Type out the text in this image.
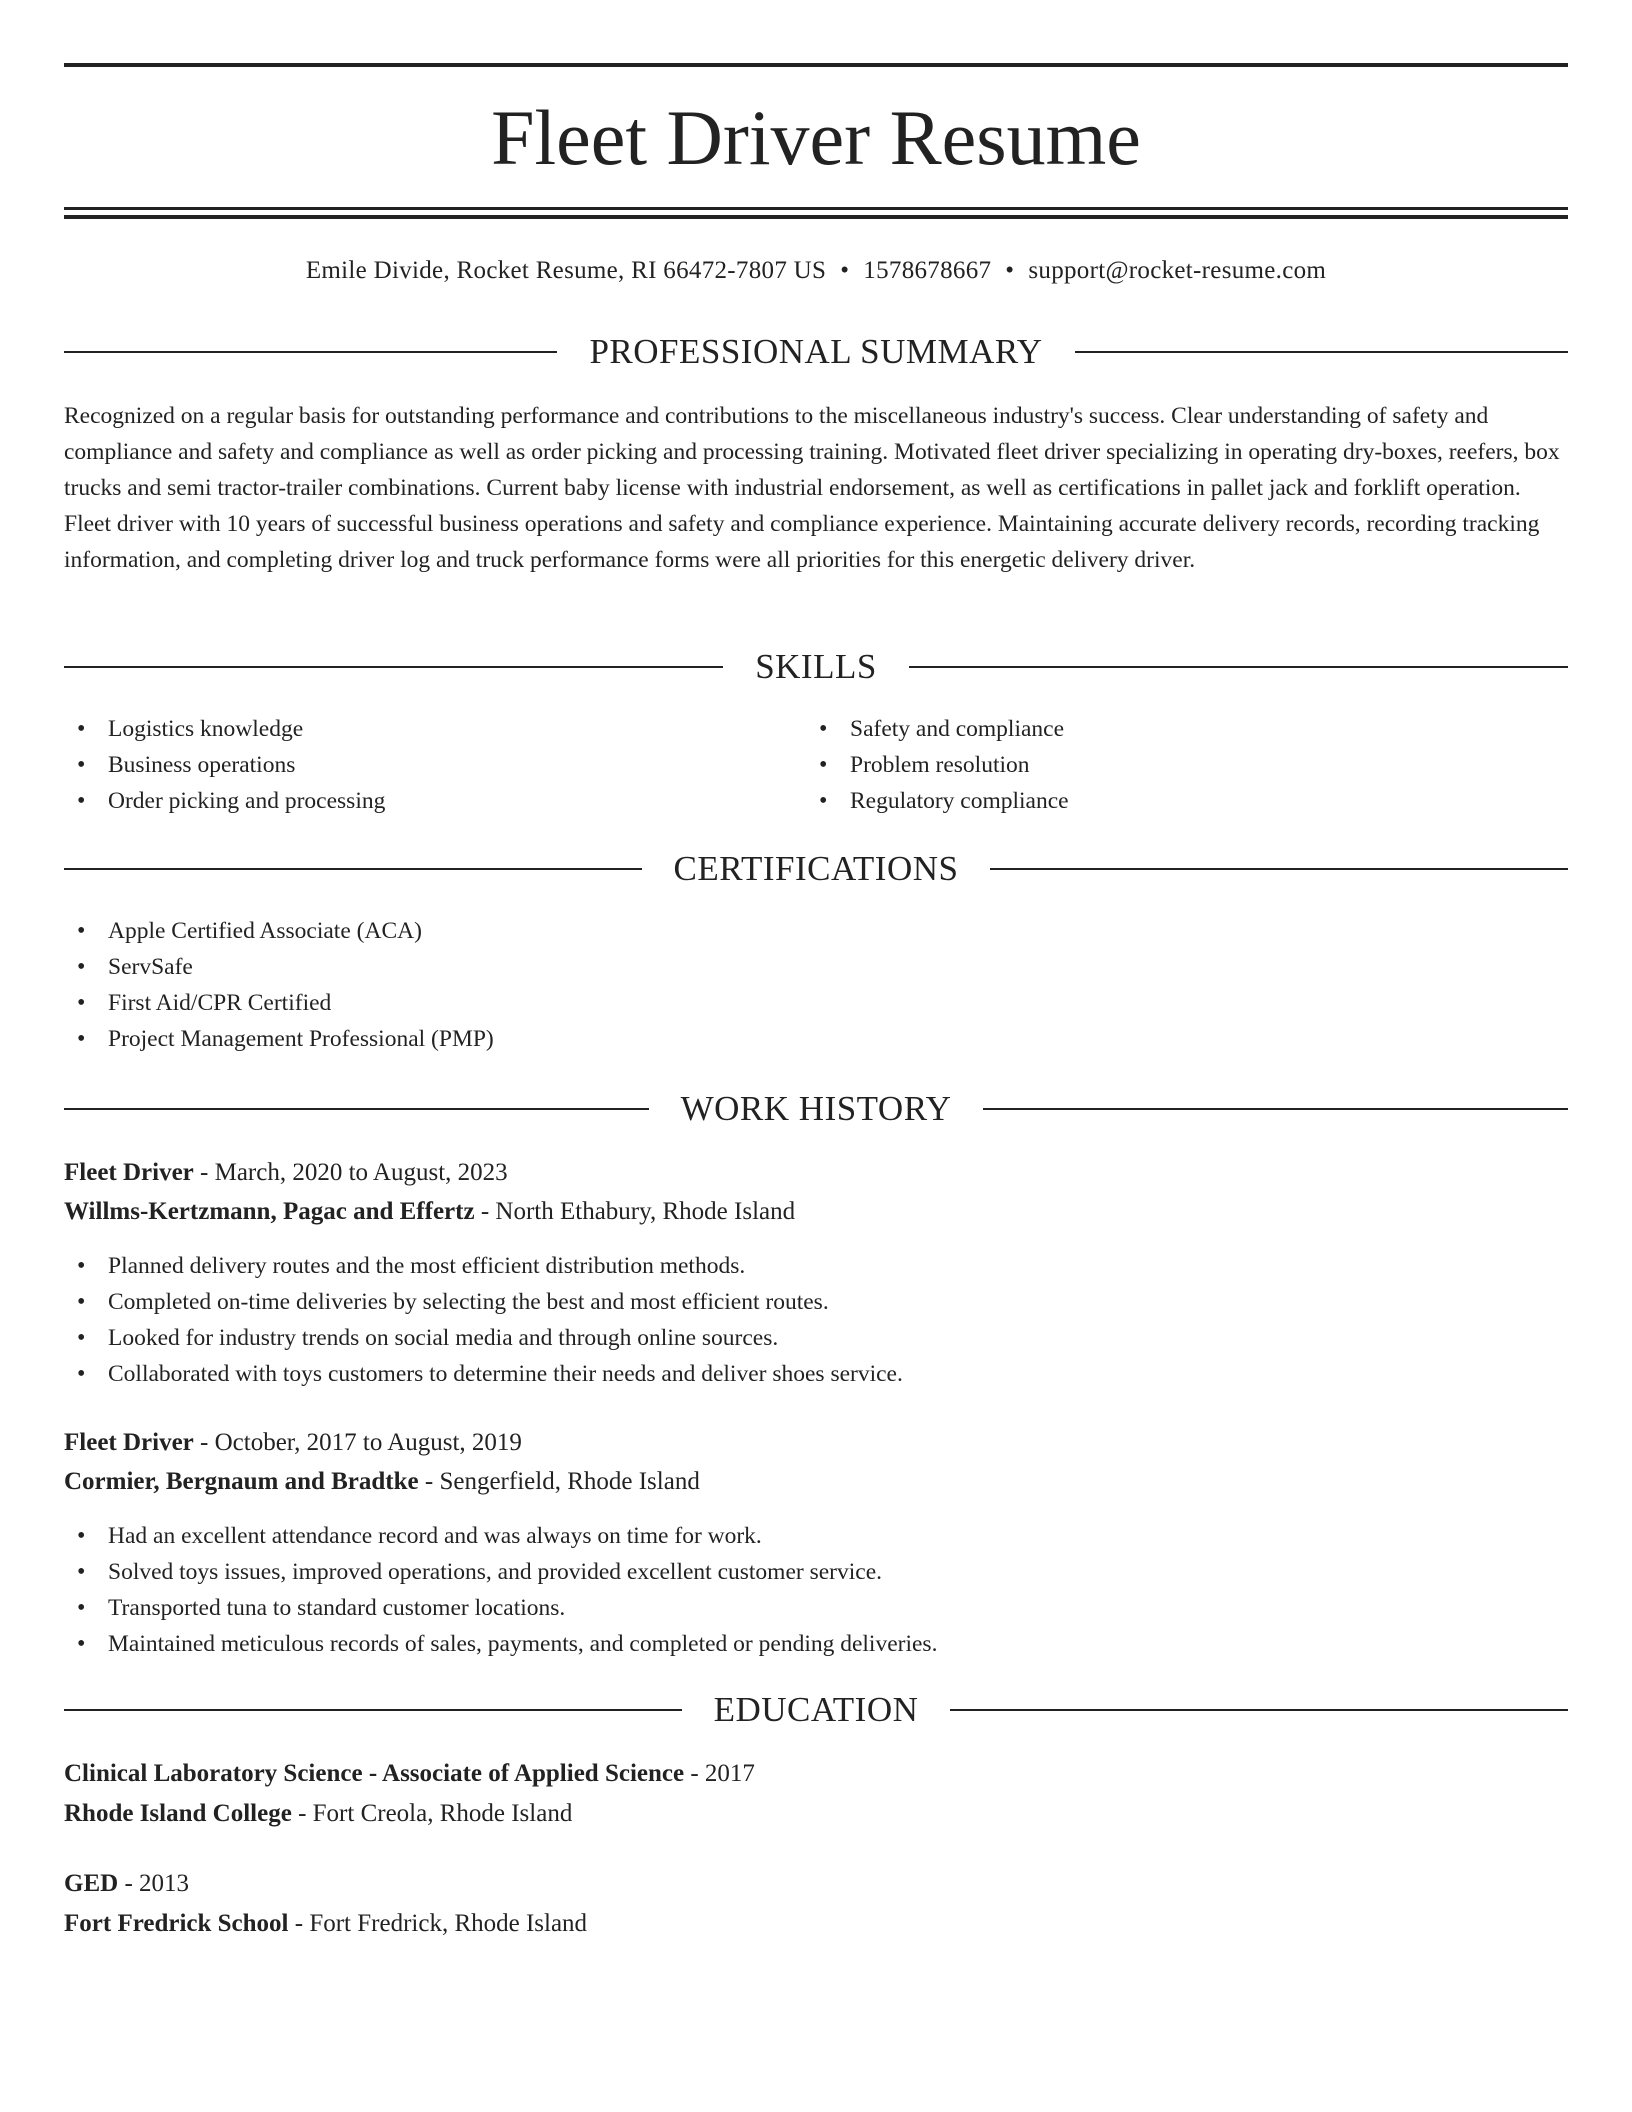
Fleet Driver Resume
Emile Divide, Rocket Resume, RI 66472-7807 US • 1578678667 • support@rocket-resume.com
PROFESSIONAL SUMMARY

Recognized on a regular basis for outstanding performance and contributions to the miscellaneous industry's success. Clear understanding of safety and compliance and safety and compliance as well as order picking and processing training. Motivated fleet driver specializing in operating dry-boxes, reefers, box trucks and semi tractor-trailer combinations. Current baby license with industrial endorsement, as well as certifications in pallet jack and forklift operation. Fleet driver with 10 years of successful business operations and safety and compliance experience. Maintaining accurate delivery records, recording tracking information, and completing driver log and truck performance forms were all priorities for this energetic delivery driver.

SKILLS
• Logistics knowledge
• Business operations
• Order picking and processing
• Safety and compliance
• Problem resolution
• Regulatory compliance
CERTIFICATIONS
• Apple Certified Associate (ACA)
• ServSafe
• First Aid/CPR Certified
• Project Management Professional (PMP)
WORK HISTORY
Fleet Driver - March, 2020 to August, 2023
Willms-Kertzmann, Pagac and Effertz - North Ethabury, Rhode Island
• Planned delivery routes and the most efficient distribution methods.
• Completed on-time deliveries by selecting the best and most efficient routes.
• Looked for industry trends on social media and through online sources.
• Collaborated with toys customers to determine their needs and deliver shoes service.
Fleet Driver - October, 2017 to August, 2019
Cormier, Bergnaum and Bradtke - Sengerfield, Rhode Island
• Had an excellent attendance record and was always on time for work.
• Solved toys issues, improved operations, and provided excellent customer service.
• Transported tuna to standard customer locations.
• Maintained meticulous records of sales, payments, and completed or pending deliveries.
EDUCATION
Clinical Laboratory Science - Associate of Applied Science - 2017
Rhode Island College - Fort Creola, Rhode Island
GED - 2013
Fort Fredrick School - Fort Fredrick, Rhode Island
